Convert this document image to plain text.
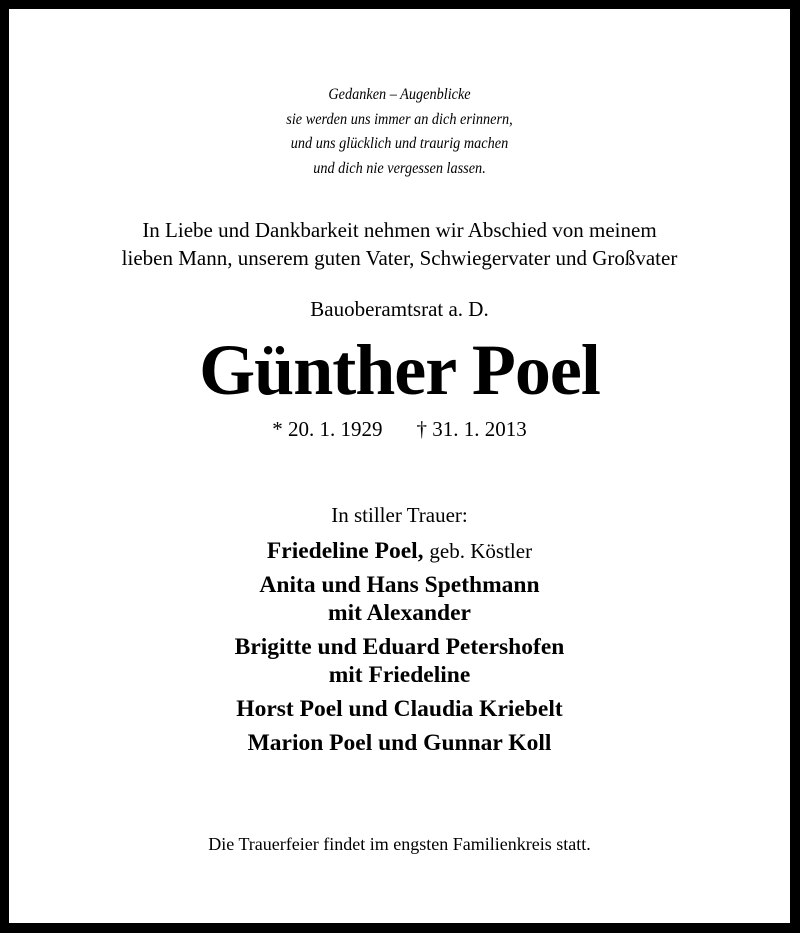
Gedanken – Augenblicke
sie werden uns immer an dich erinnern,
und uns glücklich und traurig machen
und dich nie vergessen lassen.
In Liebe und Dankbarkeit nehmen wir Abschied von meinem
lieben Mann, unserem guten Vater, Schwiegervater und Großvater
Bauoberamtsrat a. D.
Günther Poel
* 20. 1. 1929 † 31. 1. 2013
In stiller Trauer:
Friedeline Poel, geb. Köstler
Anita und Hans Spethmann
mit Alexander
Brigitte und Eduard Petershofen
mit Friedeline
Horst Poel und Claudia Kriebelt
Marion Poel und Gunnar Koll
Die Trauerfeier findet im engsten Familienkreis statt.
